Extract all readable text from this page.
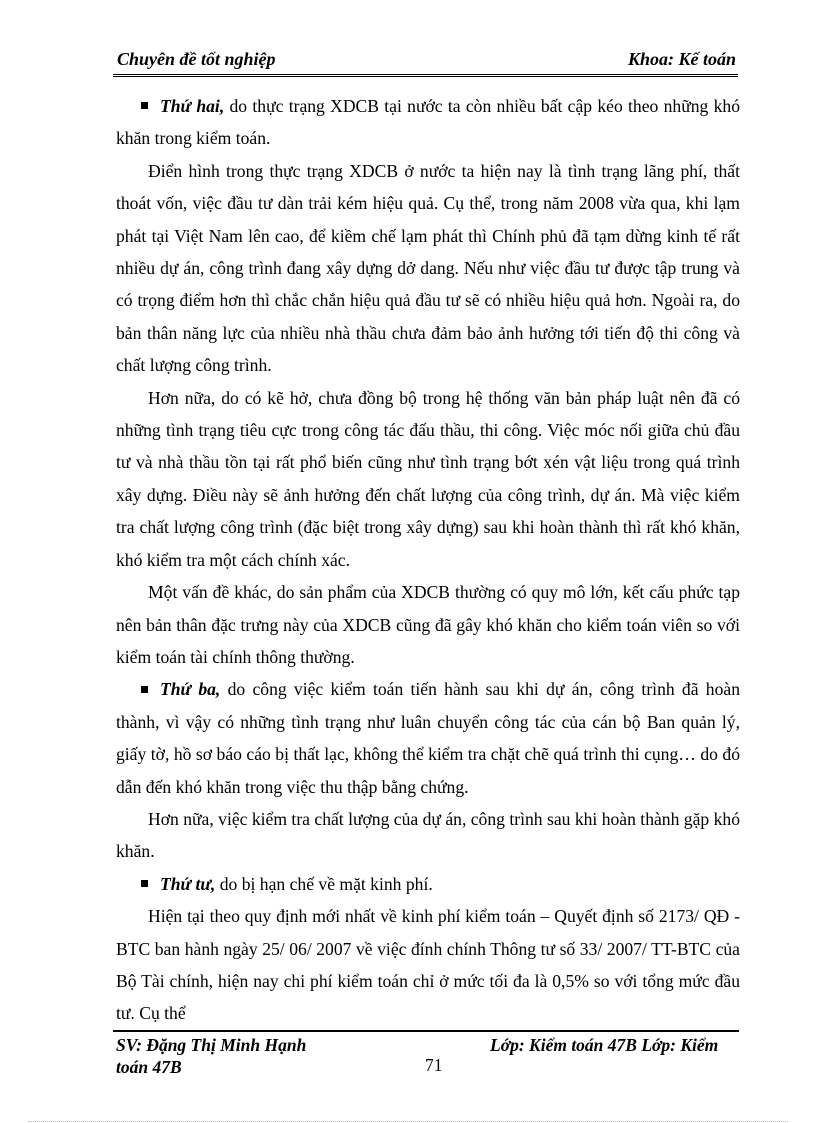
Chuyên đề tốt nghiệp	Khoa: Kế toán

Thứ hai, do thực trạng XDCB tại nước ta còn nhiều bất cập kéo theo những khó khăn trong kiểm toán.

Điển hình trong thực trạng XDCB ở nước ta hiện nay là tình trạng lãng phí, thất thoát vốn, việc đầu tư dàn trải kém hiệu quả. Cụ thể, trong năm 2008 vừa qua, khi lạm phát tại Việt Nam lên cao, để kiềm chế lạm phát thì Chính phủ đã tạm dừng kinh tế rất nhiều dự án, công trình đang xây dựng dở dang. Nếu như việc đầu tư được tập trung và có trọng điểm hơn thì chắc chắn hiệu quả đầu tư sẽ có nhiều hiệu quả hơn. Ngoài ra, do bản thân năng lực của nhiều nhà thầu chưa đảm bảo ảnh hưởng tới tiến độ thi công và chất lượng công trình.

Hơn nữa, do có kẽ hở, chưa đồng bộ trong hệ thống văn bản pháp luật nên đã có những tình trạng tiêu cực trong công tác đấu thầu, thi công. Việc móc nối giữa chủ đầu tư và nhà thầu tồn tại rất phổ biến cũng như tình trạng bớt xén vật liệu trong quá trình xây dựng. Điều này sẽ ảnh hưởng đến chất lượng của công trình, dự án. Mà việc kiểm tra chất lượng công trình (đặc biệt trong xây dựng) sau khi hoàn thành thì rất khó khăn, khó kiểm tra một cách chính xác.

Một vấn đề khác, do sản phẩm của XDCB thường có quy mô lớn, kết cấu phức tạp nên bản thân đặc trưng này của XDCB cũng đã gây khó khăn cho kiểm toán viên so với kiểm toán tài chính thông thường.

Thứ ba, do công việc kiểm toán tiến hành sau khi dự án, công trình đã hoàn thành, vì vậy có những tình trạng như luân chuyển công tác của cán bộ Ban quản lý, giấy tờ, hồ sơ báo cáo bị thất lạc, không thể kiểm tra chặt chẽ quá trình thi cụng… do đó dẫn đến khó khăn trong việc thu thập bằng chứng.

Hơn nữa, việc kiểm tra chất lượng của dự án, công trình sau khi hoàn thành gặp khó khăn.

Thứ tư, do bị hạn chế về mặt kinh phí.

Hiện tại theo quy định mới nhất về kinh phí kiểm toán – Quyết định số 2173/ QĐ - BTC ban hành ngày 25/ 06/ 2007 về việc đính chính Thông tư số 33/ 2007/ TT-BTC của Bộ Tài chính, hiện nay chi phí kiểm toán chỉ ở mức tối đa là 0,5% so với tổng mức đầu tư. Cụ thể

SV: Đặng Thị Minh Hạnh	Lớp: Kiểm toán 47B Lớp: Kiểm
toán 47B	71
